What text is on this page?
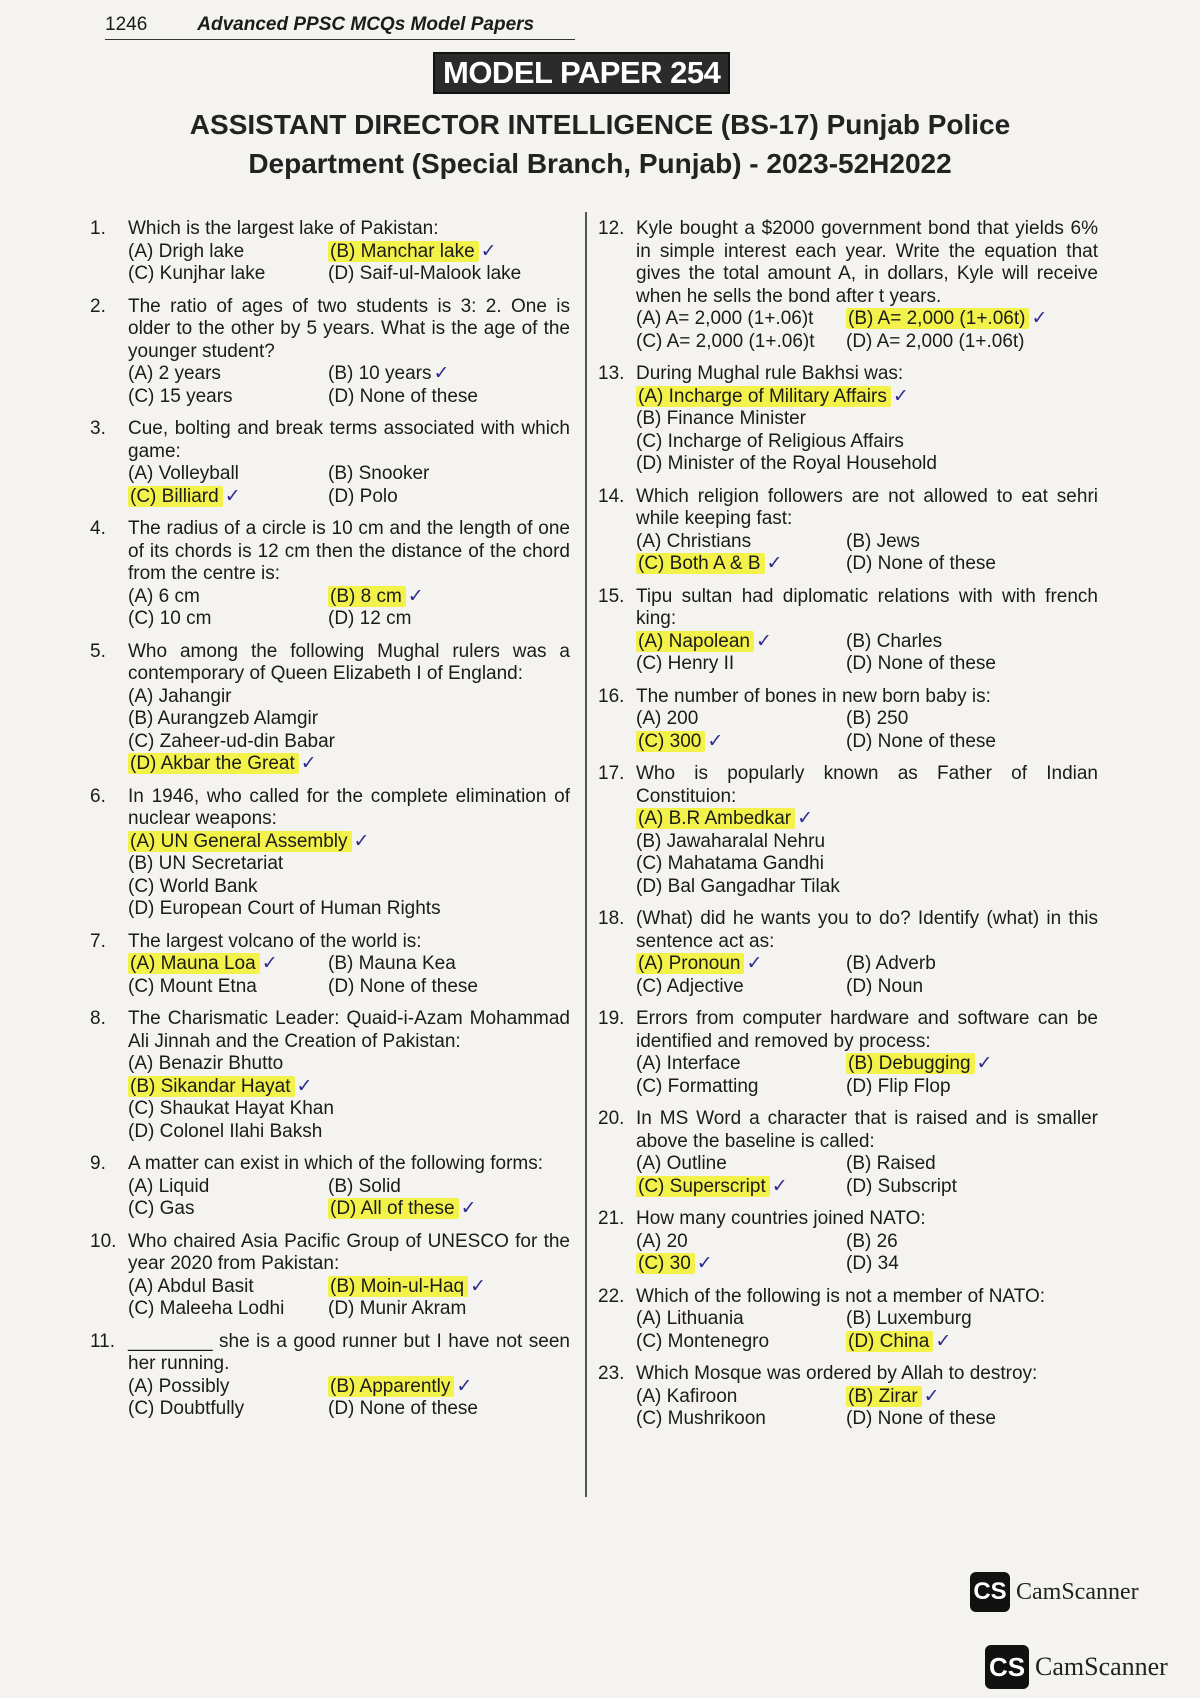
1246	Advanced PPSC MCQs Model Papers
MODEL PAPER 254
ASSISTANT DIRECTOR INTELLIGENCE (BS-17) Punjab Police
Department (Special Branch, Punjab) - 2023-52H2022
1. Which is the largest lake of Pakistan:
(A) Drigh lake	(B) Manchar lake ✓
(C) Kunjhar lake	(D) Saif-ul-Malook lake
2. The ratio of ages of two students is 3: 2. One is older to the other by 5 years. What is the age of the younger student?
(A) 2 years	(B) 10 years ✓
(C) 15 years	(D) None of these
3. Cue, bolting and break terms associated with which game:
(A) Volleyball	(B) Snooker
(C) Billiard ✓	(D) Polo
4. The radius of a circle is 10 cm and the length of one of its chords is 12 cm then the distance of the chord from the centre is:
(A) 6 cm	(B) 8 cm ✓
(C) 10 cm	(D) 12 cm
5. Who among the following Mughal rulers was a contemporary of Queen Elizabeth I of England:
(A) Jahangir
(B) Aurangzeb Alamgir
(C) Zaheer-ud-din Babar
(D) Akbar the Great ✓
6. In 1946, who called for the complete elimination of nuclear weapons:
(A) UN General Assembly ✓
(B) UN Secretariat
(C) World Bank
(D) European Court of Human Rights
7. The largest volcano of the world is:
(A) Mauna Loa ✓	(B) Mauna Kea
(C) Mount Etna	(D) None of these
8. The Charismatic Leader: Quaid-i-Azam Mohammad Ali Jinnah and the Creation of Pakistan:
(A) Benazir Bhutto
(B) Sikandar Hayat ✓
(C) Shaukat Hayat Khan
(D) Colonel Ilahi Baksh
9. A matter can exist in which of the following forms:
(A) Liquid	(B) Solid
(C) Gas	(D) All of these ✓
10. Who chaired Asia Pacific Group of UNESCO for the year 2020 from Pakistan:
(A) Abdul Basit	(B) Moin-ul-Haq ✓
(C) Maleeha Lodhi	(D) Munir Akram
11. ________ she is a good runner but I have not seen her running.
(A) Possibly	(B) Apparently ✓
(C) Doubtfully	(D) None of these
12. Kyle bought a $2000 government bond that yields 6% in simple interest each year. Write the equation that gives the total amount A, in dollars, Kyle will receive when he sells the bond after t years.
(A) A= 2,000 (1+.06)t	(B) A= 2,000 (1+.06t) ✓
(C) A= 2,000 (1+.06)t	(D) A= 2,000 (1+.06t)
13. During Mughal rule Bakhsi was:
(A) Incharge of Military Affairs ✓
(B) Finance Minister
(C) Incharge of Religious Affairs
(D) Minister of the Royal Household
14. Which religion followers are not allowed to eat sehri while keeping fast:
(A) Christians	(B) Jews
(C) Both A & B ✓	(D) None of these
15. Tipu sultan had diplomatic relations with with french king:
(A) Napolean ✓	(B) Charles
(C) Henry II	(D) None of these
16. The number of bones in new born baby is:
(A) 200	(B) 250
(C) 300 ✓	(D) None of these
17. Who is popularly known as Father of Indian Constituion:
(A) B.R Ambedkar ✓
(B) Jawaharalal Nehru
(C) Mahatama Gandhi
(D) Bal Gangadhar Tilak
18. (What) did he wants you to do? Identify (what) in this sentence act as:
(A) Pronoun ✓	(B) Adverb
(C) Adjective	(D) Noun
19. Errors from computer hardware and software can be identified and removed by process:
(A) Interface	(B) Debugging ✓
(C) Formatting	(D) Flip Flop
20. In MS Word a character that is raised and is smaller above the baseline is called:
(A) Outline	(B) Raised
(C) Superscript ✓	(D) Subscript
21. How many countries joined NATO:
(A) 20	(B) 26
(C) 30 ✓	(D) 34
22. Which of the following is not a member of NATO:
(A) Lithuania	(B) Luxemburg
(C) Montenegro	(D) China ✓
23. Which Mosque was ordered by Allah to destroy:
(A) Kafiroon	(B) Zirar ✓
(C) Mushrikoon	(D) None of these
CS CamScanner
CS CamScanner
